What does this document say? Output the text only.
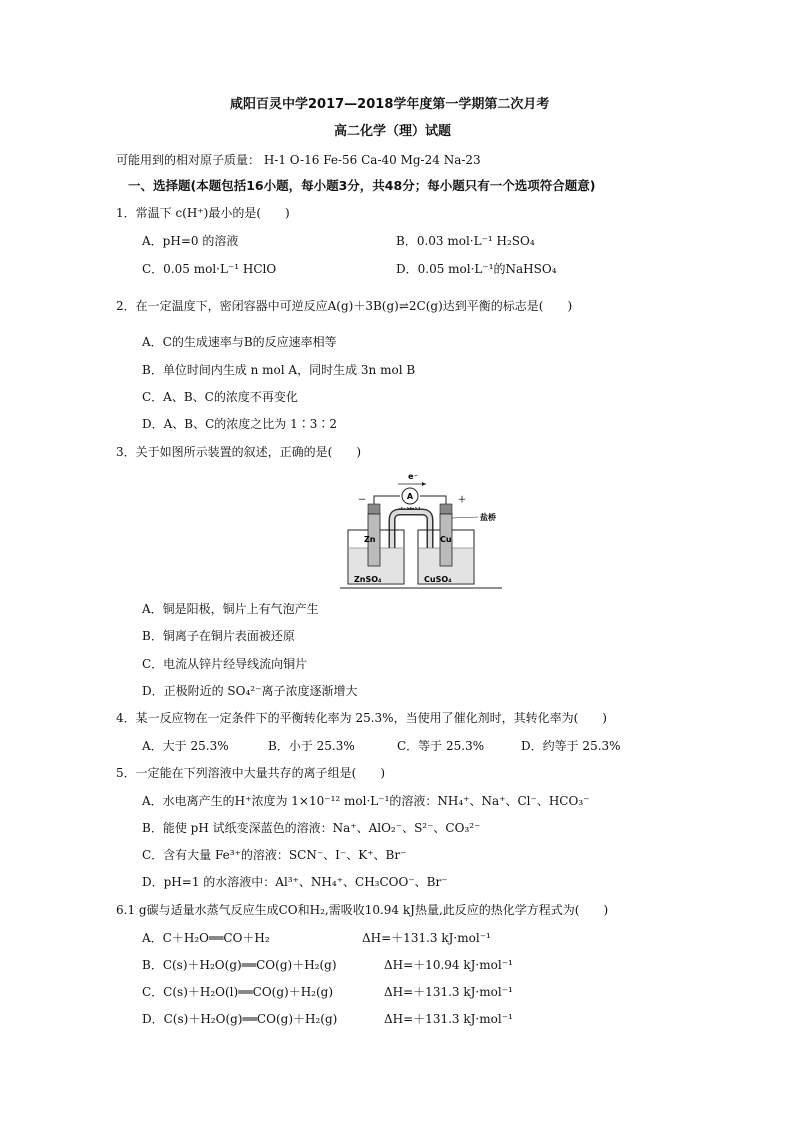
咸阳百灵中学2017—2018学年度第一学期第二次月考
高二化学（理）试题
可能用到的相对原子质量： H-1 O-16 Fe-56 Ca-40 Mg-24 Na-23
一、选择题(本题包括16小题，每小题3分，共48分；每小题只有一个选项符合题意)
1．常温下 c(H⁺)最小的是(　　)
A．pH=0 的溶液	B．0.03 mol·L⁻¹ H₂SO₄
C．0.05 mol·L⁻¹ HClO	D．0.05 mol·L⁻¹的NaHSO₄
2．在一定温度下，密闭容器中可逆反应A(g)＋3B(g)⇌2C(g)达到平衡的标志是(　　)
A．C的生成速率与B的反应速率相等
B．单位时间内生成 n mol A，同时生成 3n mol B
C．A、B、C的浓度不再变化
D．A、B、C的浓度之比为 1∶3∶2
3．关于如图所示装置的叙述，正确的是(　　)
A
e⁻
电流计
－	＋
盐桥
Zn	Cu
ZnSO₄	CuSO₄
A．铜是阳极，铜片上有气泡产生
B．铜离子在铜片表面被还原
C．电流从锌片经导线流向铜片
D．正极附近的 SO₄²⁻离子浓度逐渐增大
4．某一反应物在一定条件下的平衡转化率为 25.3%，当使用了催化剂时，其转化率为(　　)
A．大于 25.3%	B．小于 25.3%	C．等于 25.3%	D．约等于 25.3%
5．一定能在下列溶液中大量共存的离子组是(　　)
A．水电离产生的H⁺浓度为 1×10⁻¹² mol·L⁻¹的溶液：NH₄⁺、Na⁺、Cl⁻、HCO₃⁻
B．能使 pH 试纸变深蓝色的溶液：Na⁺、AlO₂⁻、S²⁻、CO₃²⁻
C．含有大量 Fe³⁺的溶液：SCN⁻、I⁻、K⁺、Br⁻
D．pH=1 的水溶液中：Al³⁺、NH₄⁺、CH₃COO⁻、Br⁻
6.1 g碳与适量水蒸气反应生成CO和H₂,需吸收10.94 kJ热量,此反应的热化学方程式为(　　)
A．C＋H₂O══CO＋H₂	ΔH=＋131.3 kJ·mol⁻¹
B．C(s)＋H₂O(g)══CO(g)＋H₂(g)	ΔH=＋10.94 kJ·mol⁻¹
C．C(s)＋H₂O(l)══CO(g)＋H₂(g)	ΔH=＋131.3 kJ·mol⁻¹
D．C(s)＋H₂O(g)══CO(g)＋H₂(g)	ΔH=＋131.3 kJ·mol⁻¹
